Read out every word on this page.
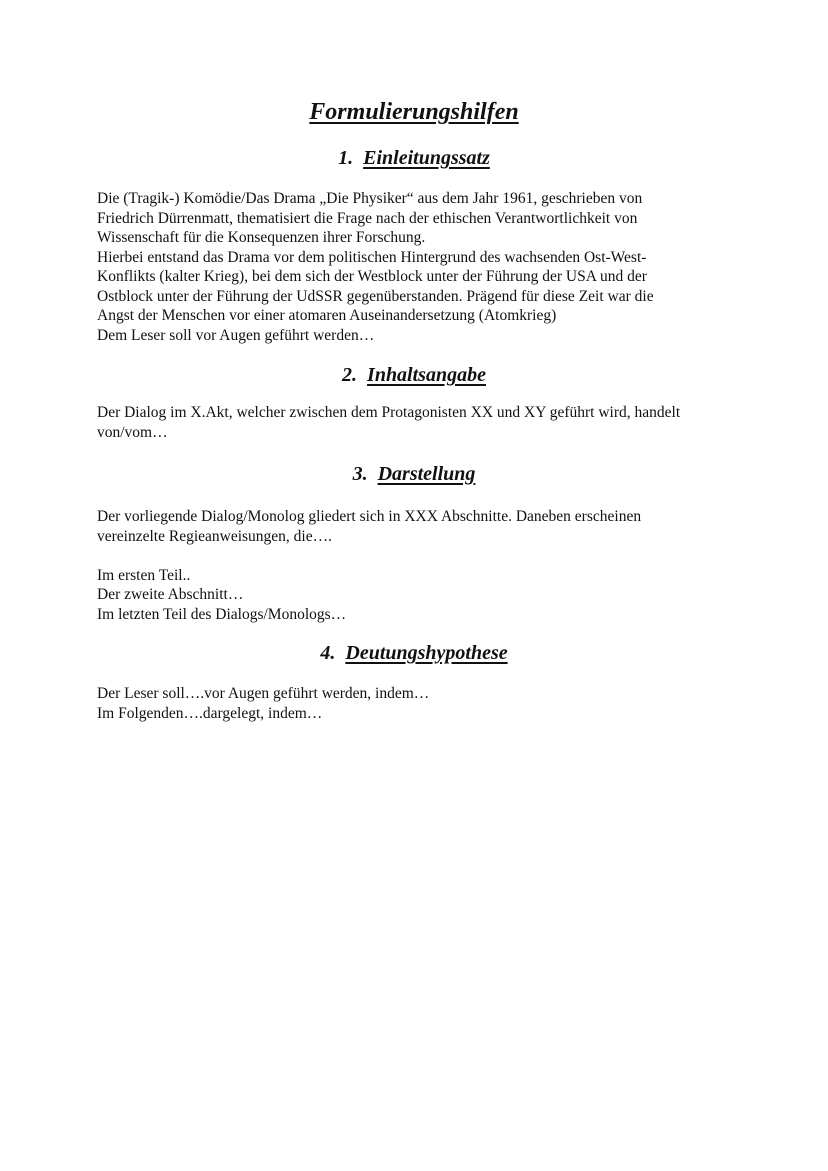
Formulierungshilfen
1. Einleitungssatz
Die (Tragik-) Komödie/Das Drama „Die Physiker“ aus dem Jahr 1961, geschrieben von
Friedrich Dürrenmatt, thematisiert die Frage nach der ethischen Verantwortlichkeit von
Wissenschaft für die Konsequenzen ihrer Forschung.
Hierbei entstand das Drama vor dem politischen Hintergrund des wachsenden Ost-West-
Konflikts (kalter Krieg), bei dem sich der Westblock unter der Führung der USA und der
Ostblock unter der Führung der UdSSR gegenüberstanden. Prägend für diese Zeit war die
Angst der Menschen vor einer atomaren Auseinandersetzung (Atomkrieg)
Dem Leser soll vor Augen geführt werden…
2. Inhaltsangabe
Der Dialog im X.Akt, welcher zwischen dem Protagonisten XX und XY geführt wird, handelt
von/vom…
3. Darstellung
Der vorliegende Dialog/Monolog gliedert sich in XXX Abschnitte. Daneben erscheinen
vereinzelte Regieanweisungen, die….
Im ersten Teil..
Der zweite Abschnitt…
Im letzten Teil des Dialogs/Monologs…
4. Deutungshypothese
Der Leser soll….vor Augen geführt werden, indem…
Im Folgenden….dargelegt, indem…
